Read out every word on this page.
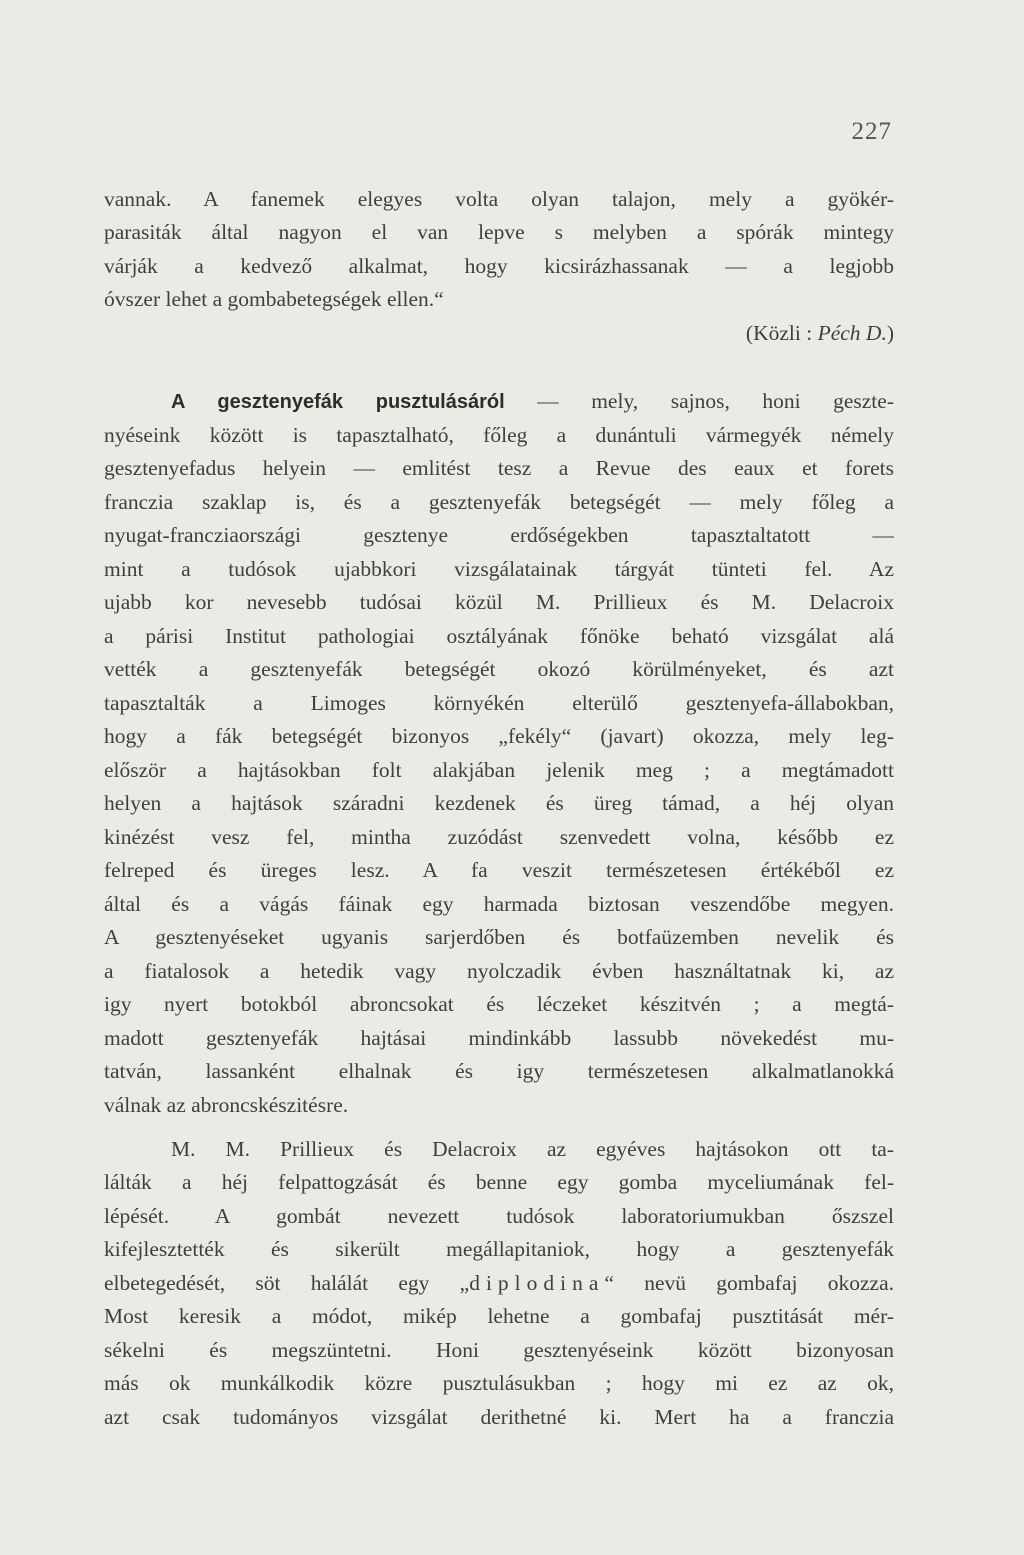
227
vannak. A fanemek elegyes volta olyan talajon, mely a gyökér-
parasiták által nagyon el van lepve s melyben a spórák mintegy
várják a kedvező alkalmat, hogy kicsirázhassanak — a legjobb
óvszer lehet a gombabetegségek ellen.“
(Közli : Péch D.)
A gesztenyefák pusztulásáról — mely, sajnos, honi geszte-
nyéseink között is tapasztalható, főleg a dunántuli vármegyék némely
gesztenyefadus helyein — emlitést tesz a Revue des eaux et forets
franczia szaklap is, és a gesztenyefák betegségét — mely főleg a
nyugat-francziaországi gesztenye erdőségekben tapasztaltatott —
mint a tudósok ujabbkori vizsgálatainak tárgyát tünteti fel. Az
ujabb kor nevesebb tudósai közül M. Prillieux és M. Delacroix
a párisi Institut pathologiai osztályának főnöke beható vizsgálat alá
vették a gesztenyefák betegségét okozó körülményeket, és azt
tapasztalták a Limoges környékén elterülő gesztenyefa-állabokban,
hogy a fák betegségét bizonyos „fekély“ (javart) okozza, mely leg-
először a hajtásokban folt alakjában jelenik meg ; a megtámadott
helyen a hajtások száradni kezdenek és üreg támad, a héj olyan
kinézést vesz fel, mintha zuzódást szenvedett volna, később ez
felreped és üreges lesz. A fa veszit természetesen értékéből ez
által és a vágás fáinak egy harmada biztosan veszendőbe megyen.
A gesztenyéseket ugyanis sarjerdőben és botfaüzemben nevelik és
a fiatalosok a hetedik vagy nyolczadik évben használtatnak ki, az
igy nyert botokból abroncsokat és léczeket készitvén ; a megtá-
madott gesztenyefák hajtásai mindinkább lassubb növekedést mu-
tatván, lassanként elhalnak és igy természetesen alkalmatlanokká
válnak az abroncskészitésre.
M. M. Prillieux és Delacroix az egyéves hajtásokon ott ta-
lálták a héj felpattogzását és benne egy gomba myceliumának fel-
lépését. A gombát nevezett tudósok laboratoriumukban őszszel
kifejlesztették és sikerült megállapitaniok, hogy a gesztenyefák
elbetegedését, söt halálát egy „diplodina“ nevü gombafaj okozza.
Most keresik a módot, mikép lehetne a gombafaj pusztitását mér-
sékelni és megszüntetni. Honi gesztenyéseink között bizonyosan
más ok munkálkodik közre pusztulásukban ; hogy mi ez az ok,
azt csak tudományos vizsgálat derithetné ki. Mert ha a franczia
